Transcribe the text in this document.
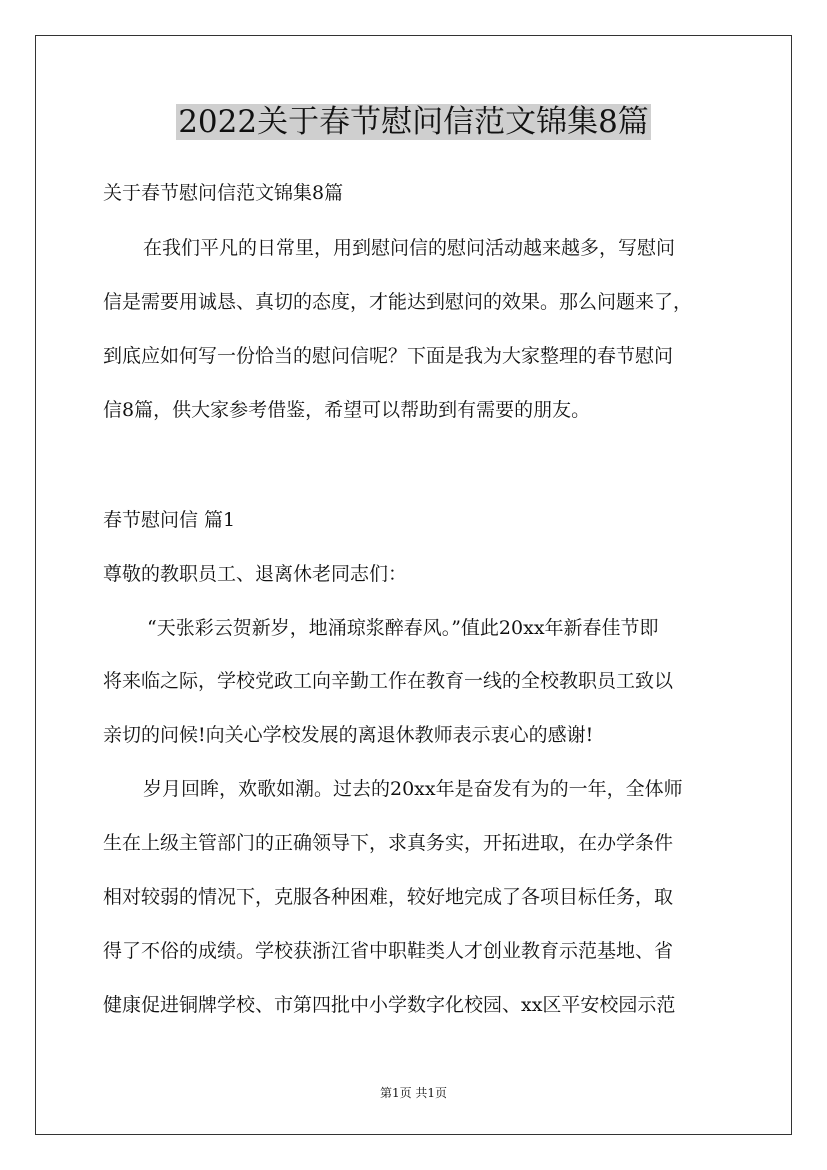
2022关于春节慰问信范文锦集8篇
关于春节慰问信范文锦集8篇
在我们平凡的日常里，用到慰问信的慰问活动越来越多，写慰问
信是需要用诚恳、真切的态度，才能达到慰问的效果。那么问题来了，
到底应如何写一份恰当的慰问信呢？下面是我为大家整理的春节慰问
信8篇，供大家参考借鉴，希望可以帮助到有需要的朋友。
春节慰问信 篇1
尊敬的教职员工、退离休老同志们：
“天张彩云贺新岁，地涌琼浆醉春风。”值此20xx年新春佳节即
将来临之际，学校党政工向辛勤工作在教育一线的全校教职员工致以
亲切的问候!向关心学校发展的离退休教师表示衷心的感谢!
岁月回眸，欢歌如潮。过去的20xx年是奋发有为的一年，全体师
生在上级主管部门的正确领导下，求真务实，开拓进取，在办学条件
相对较弱的情况下，克服各种困难，较好地完成了各项目标任务，取
得了不俗的成绩。学校获浙江省中职鞋类人才创业教育示范基地、省
健康促进铜牌学校、市第四批中小学数字化校园、xx区平安校园示范
第1页 共1页
